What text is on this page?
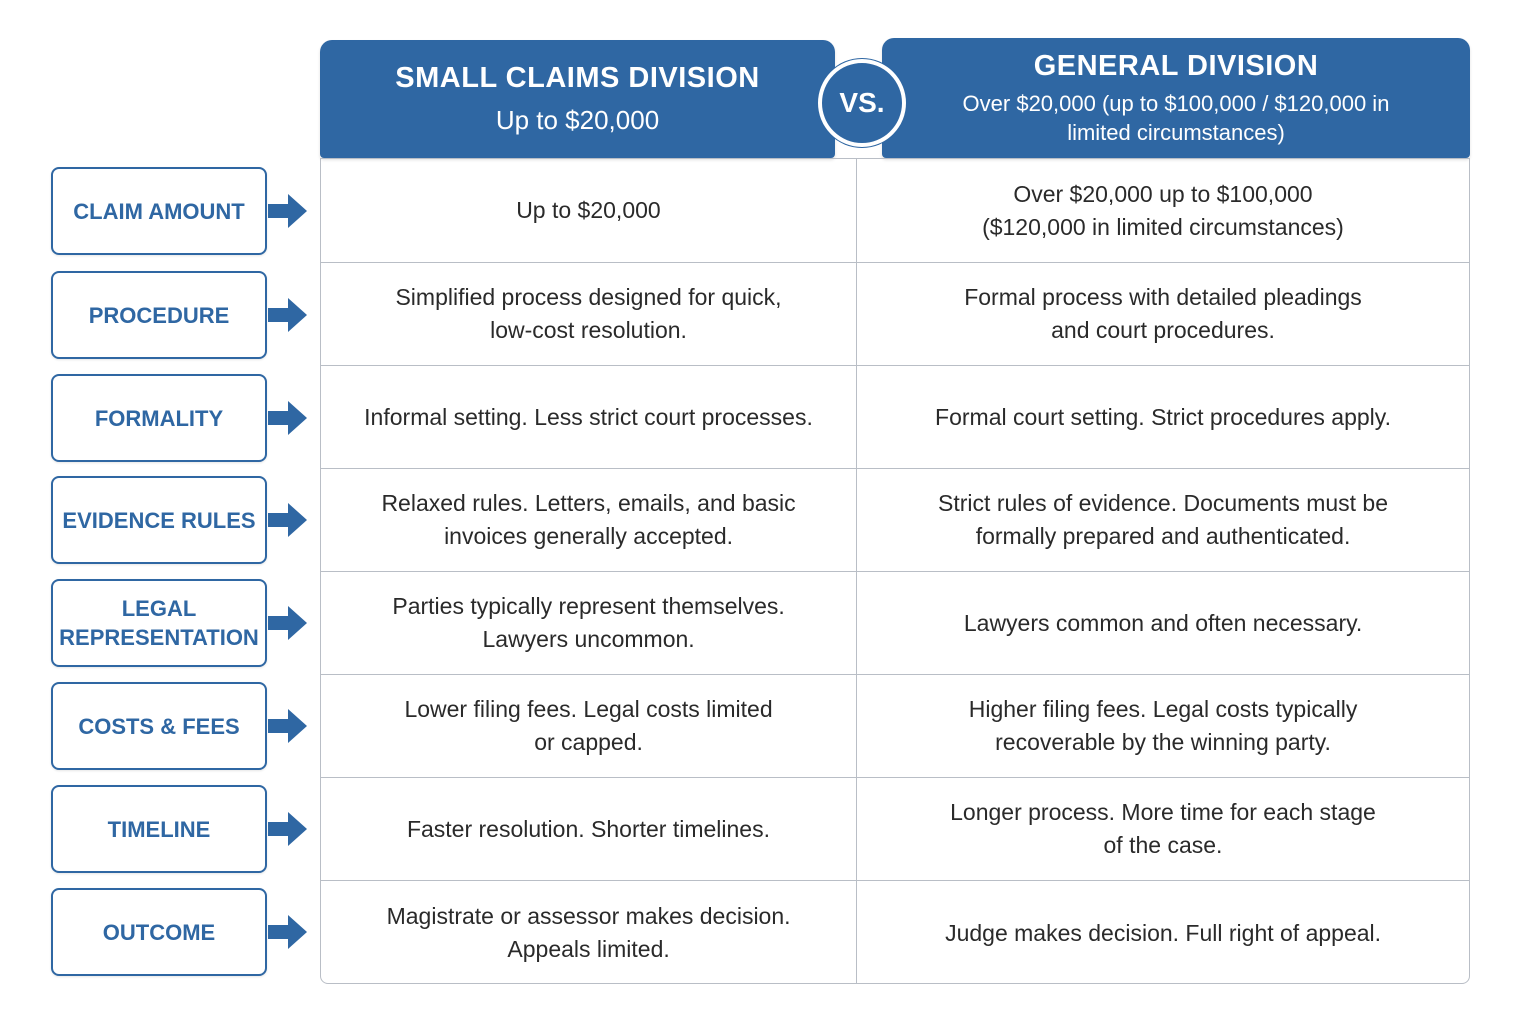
SMALL CLAIMS DIVISION
Up to $20,000
GENERAL DIVISION
Over $20,000 (up to $100,000 / $120,000 in limited circumstances)
VS.
Up to $20,000
Over $20,000 up to $100,000 ($120,000 in limited circumstances)
Simplified process designed for quick, low-cost resolution.
Formal process with detailed pleadings and court procedures.
Informal setting. Less strict court processes.	Formal court setting. Strict procedures apply.
Relaxed rules. Letters, emails, and basic invoices generally accepted.
Strict rules of evidence. Documents must be formally prepared and authenticated.
Parties typically represent themselves. Lawyers uncommon.
Lawyers common and often necessary.
Lower filing fees. Legal costs limited or capped.
Higher filing fees. Legal costs typically recoverable by the winning party.
Faster resolution. Shorter timelines.
Longer process. More time for each stage of the case.
Magistrate or assessor makes decision. Appeals limited.
Judge makes decision. Full right of appeal.
CLAIM AMOUNT
PROCEDURE
FORMALITY
EVIDENCE RULES
LEGAL REPRESENTATION
COSTS & FEES
TIMELINE
OUTCOME
